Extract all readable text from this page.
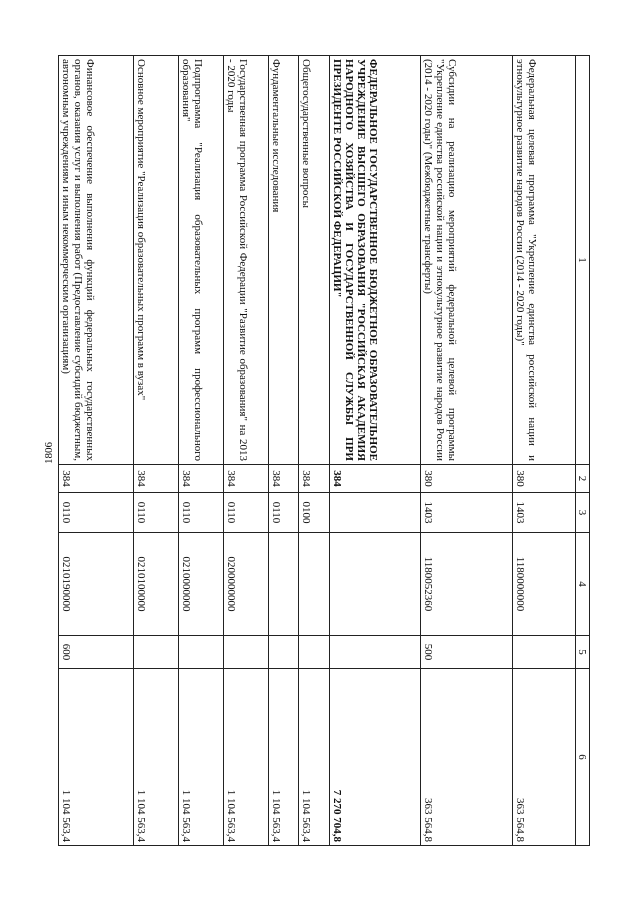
1806
1	2	3	4	5	6
Федеральная целевая программа "Укрепление единства российской нации и этнокультурное развитие народов России (2014 - 2020 годы)"	380	1403	1180000000		363 564,8
Субсидии на реализацию мероприятий федеральной целевой программы "Укрепление единства российской нации и этнокультурное развитие народов России (2014 - 2020 годы)" (Межбюджетные трансферты)	380	1403	1180052360	500	363 564,8
ФЕДЕРАЛЬНОЕ ГОСУДАРСТВЕННОЕ БЮДЖЕТНОЕ ОБРАЗОВАТЕЛЬНОЕ УЧРЕЖДЕНИЕ ВЫСШЕГО ОБРАЗОВАНИЯ "РОССИЙСКАЯ АКАДЕМИЯ НАРОДНОГО ХОЗЯЙСТВА И ГОСУДАРСТВЕННОЙ СЛУЖБЫ ПРИ ПРЕЗИДЕНТЕ РОССИЙСКОЙ ФЕДЕРАЦИИ"	384				7 270 704,8
Общегосударственные вопросы	384	0100			1 104 563,4
Фундаментальные исследования	384	0110			1 104 563,4
Государственная программа Российской Федерации "Развитие образования" на 2013 - 2020 годы	384	0110	0200000000		1 104 563,4
Подпрограмма "Реализация образовательных программ профессионального образования"	384	0110	0210000000		1 104 563,4
Основное мероприятие "Реализация образовательных программ в вузах"	384	0110	0210100000		1 104 563,4
Финансовое обеспечение выполнения функций федеральных государственных органов, оказания услуг и выполнения работ (Предоставление субсидий бюджетным, автономным учреждениям и иным некоммерческим организациям)	384	0110	0210190000	600	1 104 563,4
